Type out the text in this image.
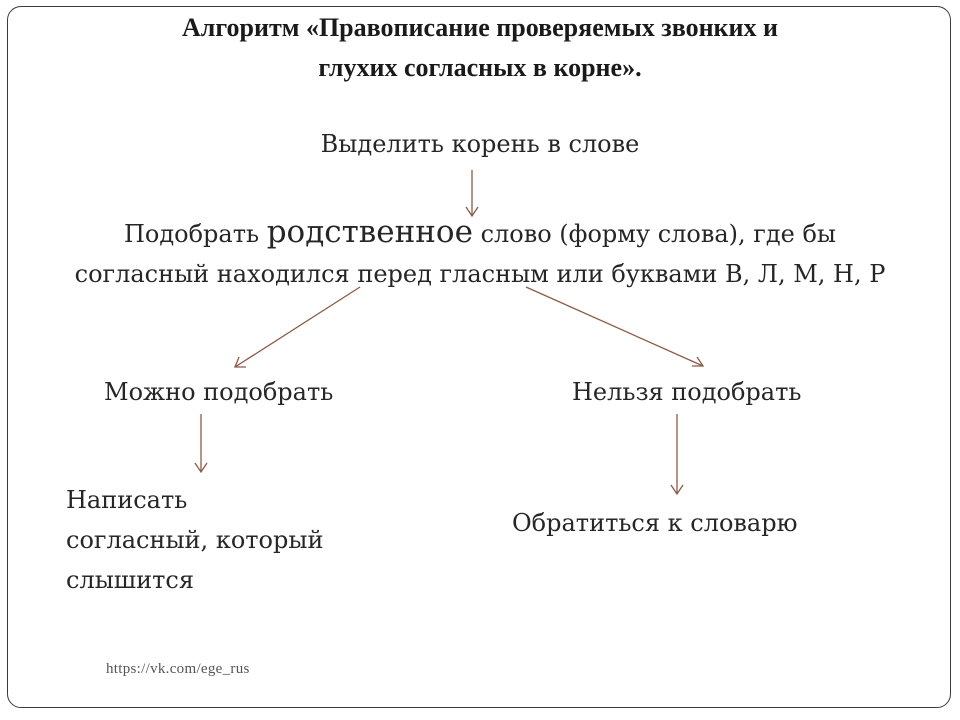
Алгоритм «Правописание проверяемых звонких и
глухих согласных в корне».
Выделить корень в слове
Подобрать родственное слово (форму слова), где бы
согласный находился перед гласным или буквами В, Л, М, Н, Р
Можно подобрать	Нельзя подобрать
Написать
согласный, который
слышится
Обратиться к словарю
https://vk.com/ege_rus
